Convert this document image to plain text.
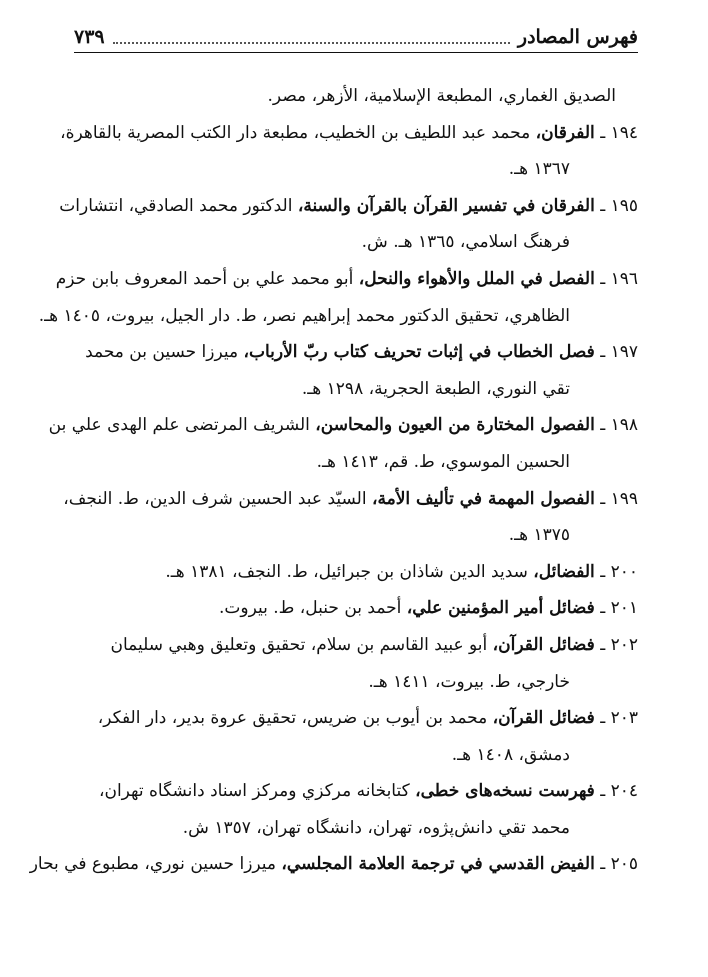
فهرس المصادر
٧٣٩
الصديق الغماري، المطبعة الإسلامية، الأزهر، مصر.
١٩٤ ـ الفرقان، محمد عبد اللطيف بن الخطيب، مطبعة دار الكتب المصرية بالقاهرة،
١٣٦٧ هـ.
١٩٥ ـ الفرقان في تفسير القرآن بالقرآن والسنة، الدكتور محمد الصادقي، انتشارات
فرهنگ اسلامي، ١٣٦٥ هـ. ش.
١٩٦ ـ الفصل في الملل والأهواء والنحل، أبو محمد علي بن أحمد المعروف بابن حزم
الظاهري، تحقيق الدكتور محمد إبراهيم نصر، ط. دار الجيل، بيروت، ١٤٠٥ هـ.
١٩٧ ـ فصل الخطاب في إثبات تحريف كتاب ربّ الأرباب، ميرزا حسين بن محمد
تقي النوري، الطبعة الحجرية، ١٢٩٨ هـ.
١٩٨ ـ الفصول المختارة من العيون والمحاسن، الشريف المرتضى علم الهدى علي بن
الحسين الموسوي، ط. قم، ١٤١٣ هـ.
١٩٩ ـ الفصول المهمة في تأليف الأمة، السيّد عبد الحسين شرف الدين، ط. النجف،
١٣٧٥ هـ.
٢٠٠ ـ الفضائل، سديد الدين شاذان بن جبرائيل، ط. النجف، ١٣٨١ هـ.
٢٠١ ـ فضائل أمير المؤمنين علي، أحمد بن حنبل، ط. بيروت.
٢٠٢ ـ فضائل القرآن، أبو عبيد القاسم بن سلام، تحقيق وتعليق وهبي سليمان
خارجي، ط. بيروت، ١٤١١ هـ.
٢٠٣ ـ فضائل القرآن، محمد بن أيوب بن ضريس، تحقيق عروة بدير، دار الفكر،
دمشق، ١٤٠٨ هـ.
٢٠٤ ـ فهرست نسخه‌هاى خطى، كتابخانه مركزي ومركز اسناد دانشگاه تهران،
محمد تقي دانش‌پژوه، تهران، دانشگاه تهران، ١٣٥٧ ش.
٢٠٥ ـ الفيض القدسي في ترجمة العلامة المجلسي، ميرزا حسين نوري، مطبوع في بحار
